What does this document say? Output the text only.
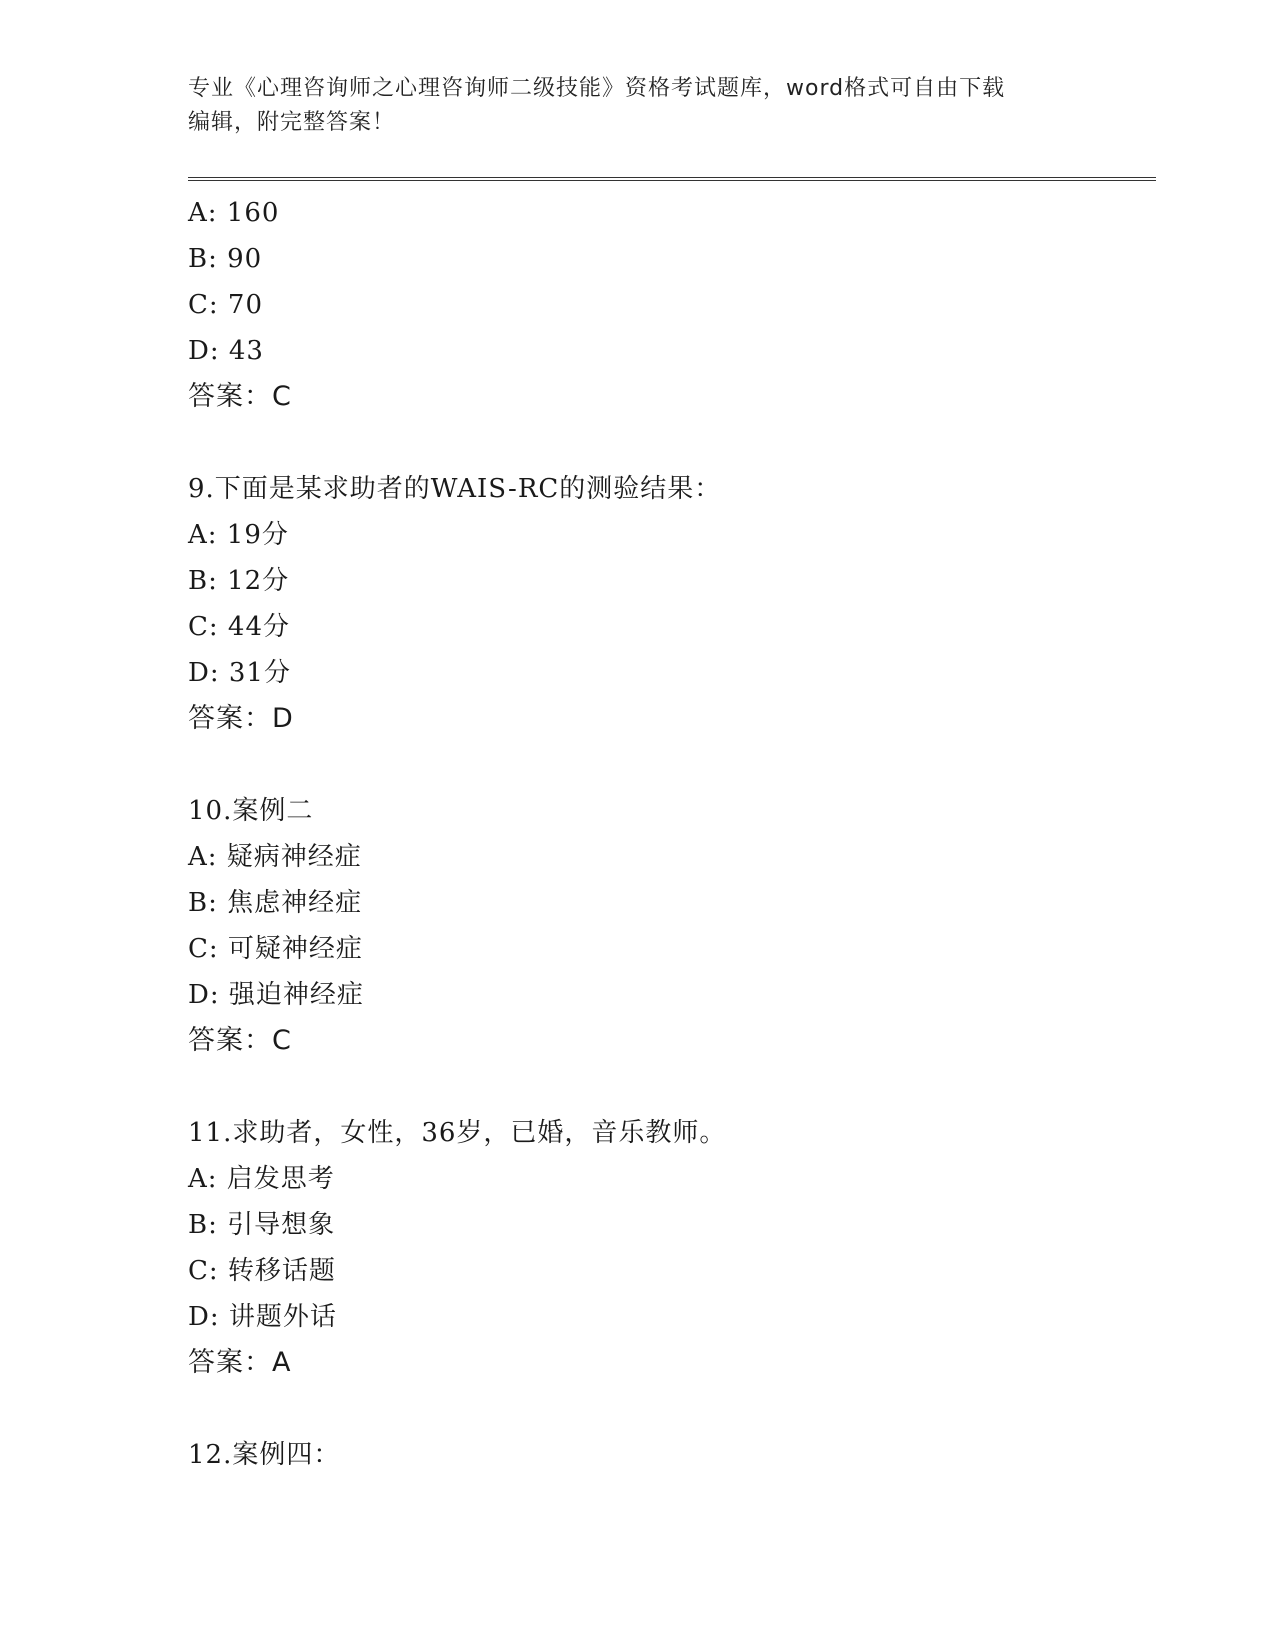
专业《心理咨询师之心理咨询师二级技能》资格考试题库，word格式可自由下载
编辑，附完整答案！
A: 160
B: 90
C: 70
D: 43
答案：C
9.下面是某求助者的WAIS-RC的测验结果：
A: 19分
B: 12分
C: 44分
D: 31分
答案：D
10.案例二
A: 疑病神经症
B: 焦虑神经症
C: 可疑神经症
D: 强迫神经症
答案：C
11.求助者，女性，36岁，已婚，音乐教师。
A: 启发思考
B: 引导想象
C: 转移话题
D: 讲题外话
答案：A
12.案例四：
